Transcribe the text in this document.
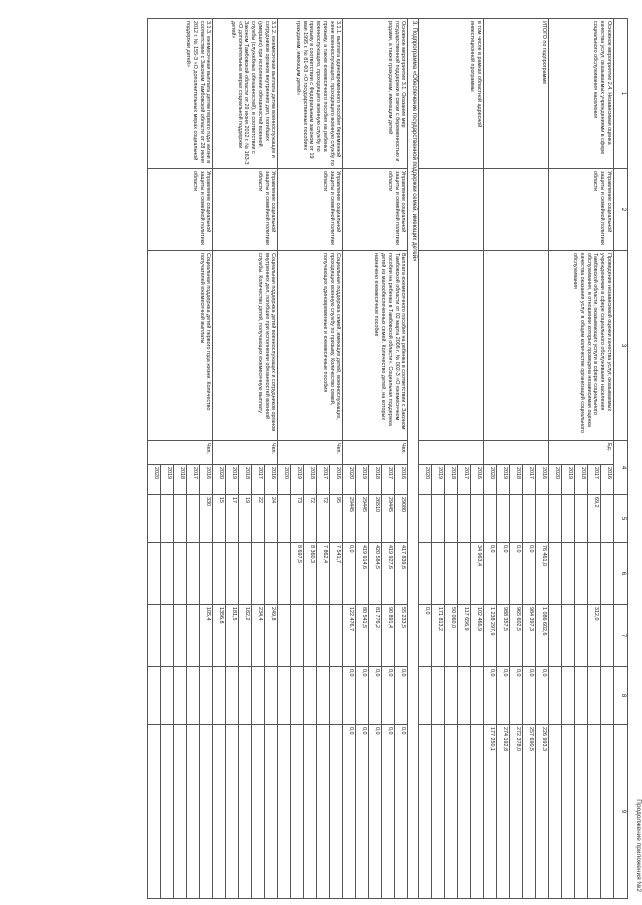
Продолжение приложения №2
1	2	3	4		5	6	7	8	9
Основное мероприятие 2.4. Независимая оценка качества услуг, оказываемых учреждениями в сфере социального обслуживания населения	Управление социальной защиты и семейной политики области	Проведение независимой оценки качества услуг, оказываемых учреждениями в сфере социального обслуживания населения Тамбовской области, оказывающих услуги в сфере социального обслуживания, в отношении которых проведена независимая оценка качества оказания услуг в общем количестве организаций социального обслуживания	Ед.	2016					
				2017	69,2		312,0		
				2018					
				2019					
				2020					
ИТОГО по подпрограмме				2016		76 461,0	1 086 602,6	0,0	226 993,3
				2017		0,0	984 397,3	0,0	257 690,5
				2018		0,0	965 602,5	0,0	272 378,0
				2019		0,0	988 357,5	0,0	274 192,8
				2020		0,0	1 238 297,9	0,0	177 250,1
в том числе в рамках областной адресной инвестиционной программы				2016		34 963,4	102 466,9		
				2017			117 656,9		
				2018			50 060,0		
				2019			171 813,2		
				2020			0,0		
3. Подпрограмма «Обеспечение государственной поддержки семей, имеющих детей»									
Основное мероприятие 3.1. Оказание мер государственной поддержки в связи с беременностью и родами, а также гражданам, имеющим детей	Управление социальной защиты и семейной политики области	Выплата ежемесячного пособия на ребенка в соответствии с Законом Тамбовской области от 02 марта 2006 г. № 002-З «О ежемесячном пособии на ребенка в Тамбовской области». Социальная поддержка детей из малообеспеченных семей. Количество детей, на которых назначено ежемесячное пособие	Чел.	2016	29080	417 839,6	55 233,5	0,0	0,0
				2017	29445	419 927,6	90 891,4	0,0	0,0
				2018	26510	420 584,5	81 776,2	0,0	0,0
				2019	29445	419 914,6	80 541,5	0,0	0,0
				2020	29445	0,0	122 476,7	0,0	0,0
3.1.1. выплата единовременного пособия беременной жене военнослужащего, проходящего военную службу по призыву, а также ежемесячного пособия на ребенка военнослужащего, проходящего военную службу по призыву в соответствии с Федеральным законом от 19 мая 1995 г. № 81-ФЗ «О государственных пособиях гражданам, имеющим детей»	Управление социальной защиты и семейной политики области	Социальная поддержка семей, имеющих детей, военнослужащих, проходящих военную службу по призыву. Количество семей, получающих единовременные и ежемесячные пособия	Чел.	2016	95	7 541,7			
				2017	72	7 862,4			
				2018	72	8 360,3			
				2019	73	8 697,5			
				2020					
3.1.2. ежемесячная выплата детям военнослужащих и сотрудников органов внутренних дел, погибших (умерших) при исполнении обязанностей военной службы (служебных обязанностей), в соответствии с Законом Тамбовской области от 29 июня 2012 г. № 163-З «О дополнительных мерах социальной поддержки детей»	Управление социальной защиты и семейной политики области	Социальная поддержка детей военнослужащих и сотрудников органов внутренних дел, погибших при исполнении обязанностей военной службы. Количество детей, получающих ежемесячную выплату	Чел.	2016	24		249,8		
				2017	22		234,4		
				2018	19		182,2		
				2019	17		181,5		
				2020	15		1356,8		
3.1.3. ежемесячная выплата детям первого года жизни в соответствии с Законом Тамбовской области от 28 июня 2012 г. № 155-З «О дополнительных мерах социальной поддержки детей»	Управление социальной защиты и семейной политики области	Социальная поддержка детей первого года жизни. Количество получателей ежемесячной выплаты	Чел.	2016	330		105,4		
				2017					
				2018					
				2019					
				2020					
